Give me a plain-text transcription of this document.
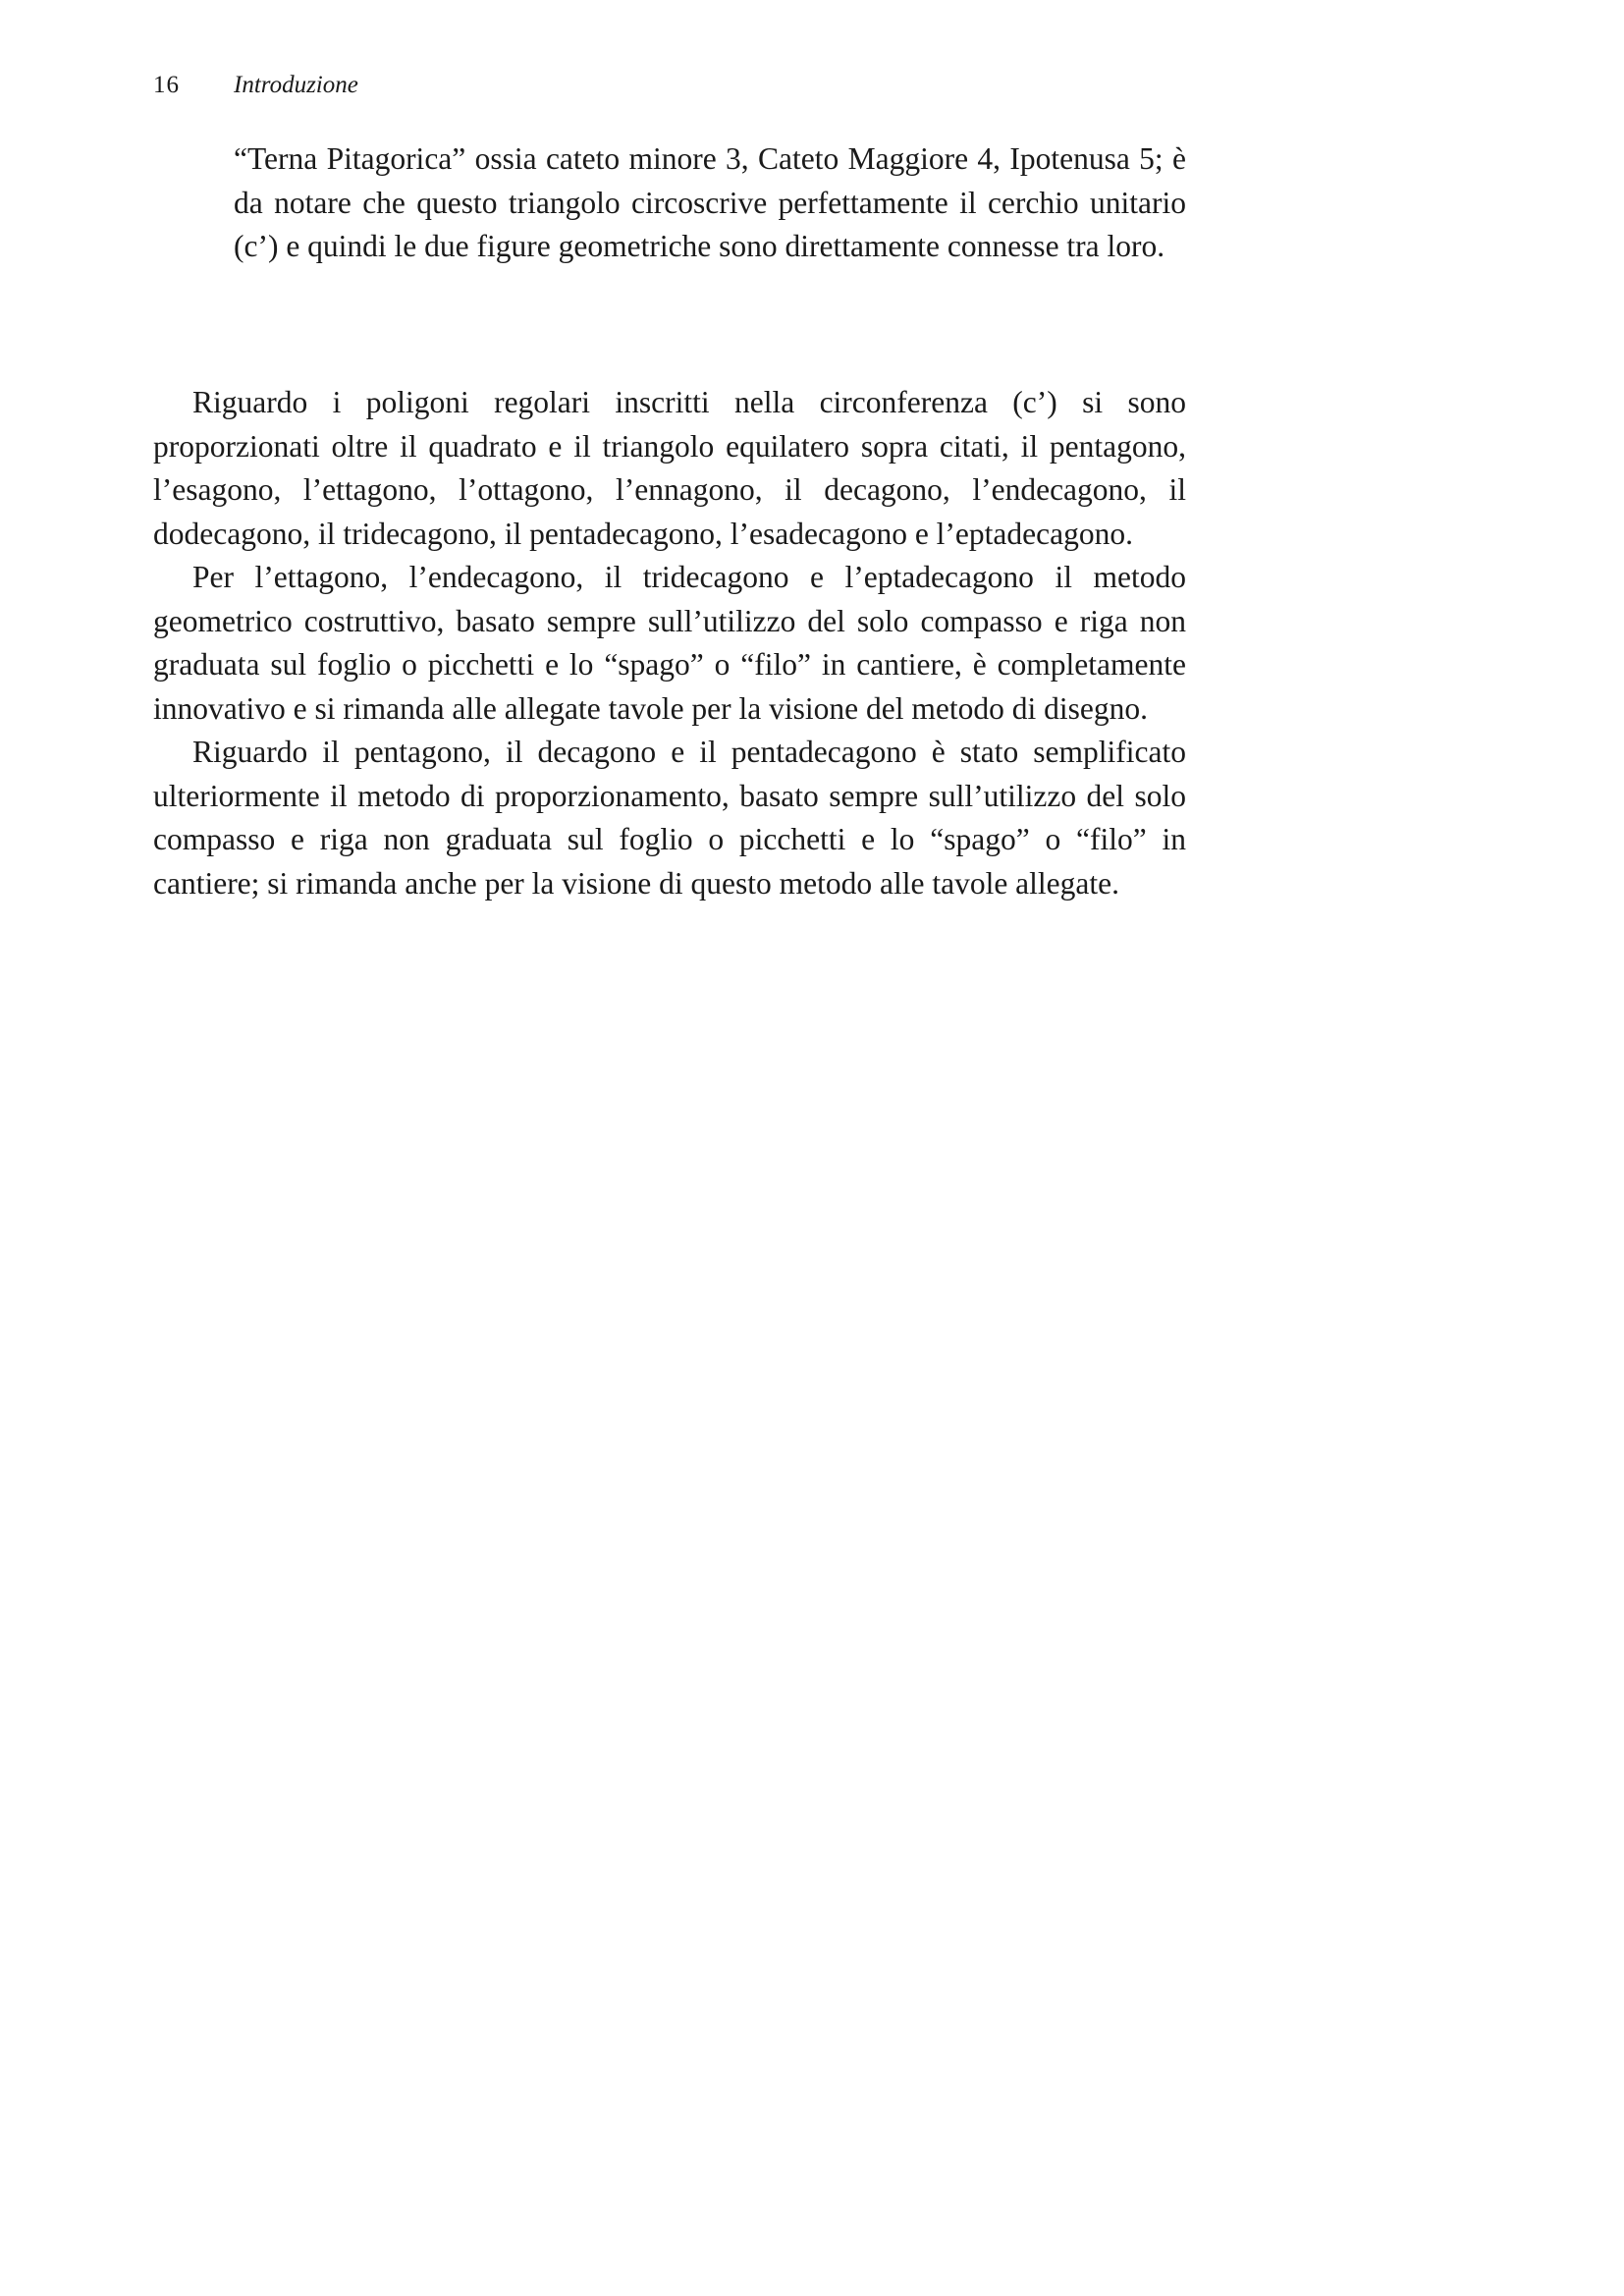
16 Introduzione

“Terna Pitagorica” ossia cateto minore 3, Cateto Maggiore 4, Ipotenusa 5; è da notare che questo triangolo circoscrive perfettamente il cerchio unitario (c’) e quindi le due figure geometriche sono direttamente connesse tra loro.

Riguardo i poligoni regolari inscritti nella circonferenza (c’) si sono proporzionati oltre il quadrato e il triangolo equilatero sopra citati, il pentagono, l’esagono, l’ettagono, l’ottagono, l’ennagono, il decagono, l’endecagono, il dodecagono, il tridecagono, il pentadecagono, l’esadecagono e l’eptadecagono.

Per l’ettagono, l’endecagono, il tridecagono e l’eptadecagono il metodo geometrico costruttivo, basato sempre sull’utilizzo del solo compasso e riga non graduata sul foglio o picchetti e lo “spago” o “filo” in cantiere, è completamente innovativo e si rimanda alle allegate tavole per la visione del metodo di disegno.

Riguardo il pentagono, il decagono e il pentadecagono è stato semplificato ulteriormente il metodo di proporzionamento, basato sempre sull’utilizzo del solo compasso e riga non graduata sul foglio o picchetti e lo “spago” o “filo” in cantiere; si rimanda anche per la visione di questo metodo alle tavole allegate.
